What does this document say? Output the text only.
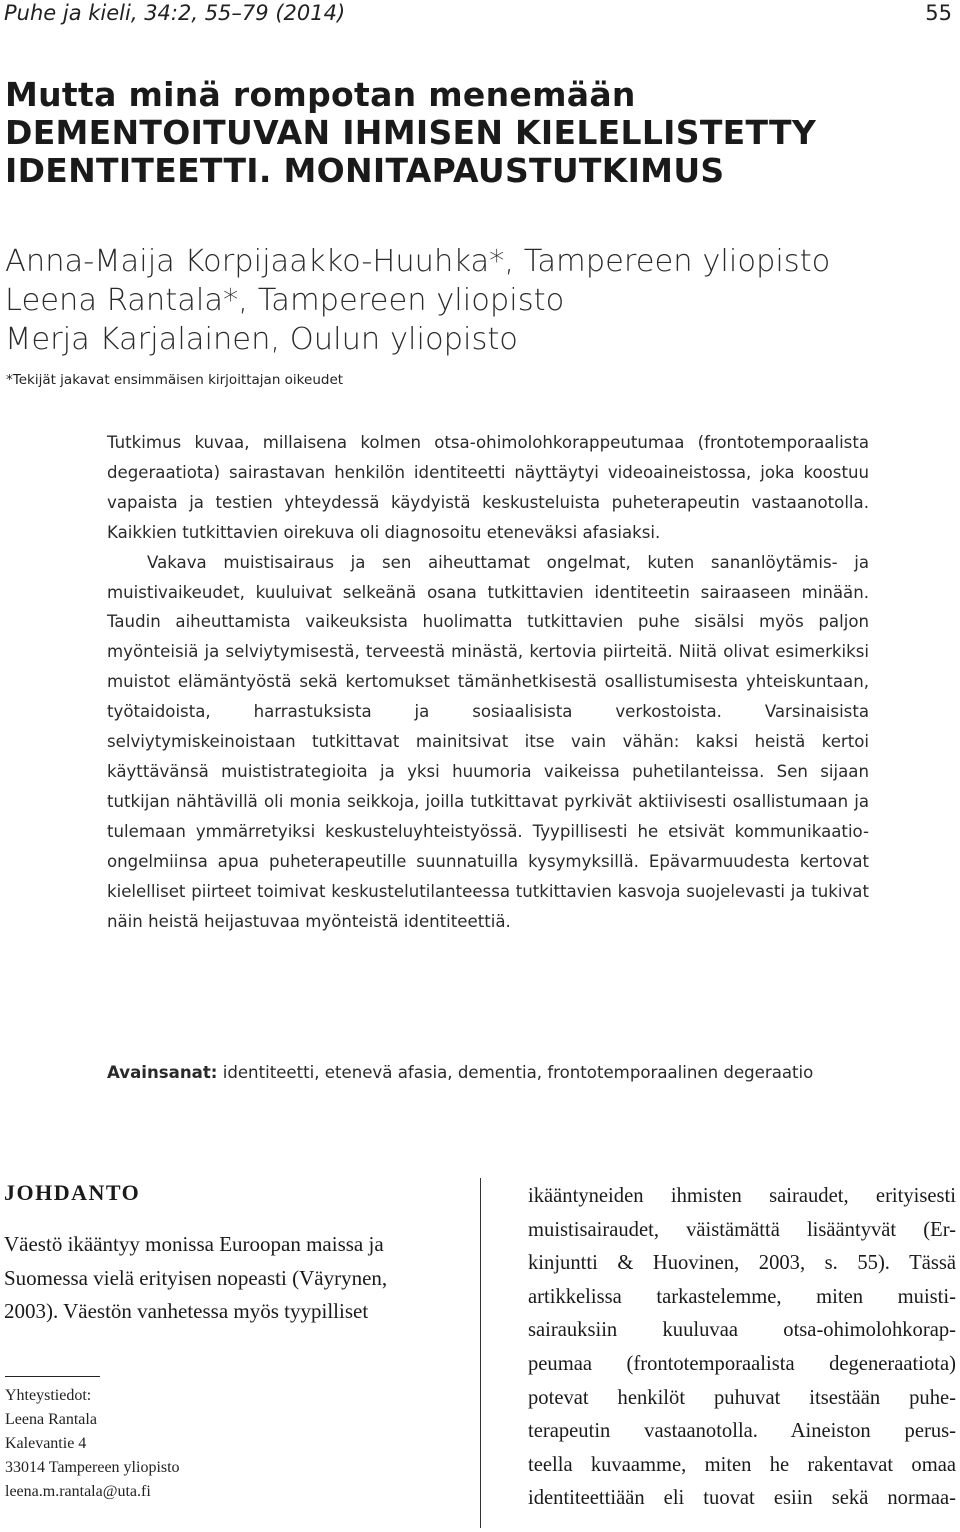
Puhe ja kieli, 34:2, 55–79 (2014)	55
Mutta minä rompotan menemään
DEMENTOITUVAN IHMISEN KIELELLISTETTY
IDENTITEETTI. MONITAPAUSTUTKIMUS
Anna-Maija Korpijaakko-Huuhka*, Tampereen yliopisto
Leena Rantala*, Tampereen yliopisto
Merja Karjalainen, Oulun yliopisto
*Tekijät jakavat ensimmäisen kirjoittajan oikeudet

Tutkimus kuvaa, millaisena kolmen otsa-ohimolohkorappeutumaa (frontotemporaalista degeraatiota) sairastavan henkilön identiteetti näyttäytyi videoaineistossa, joka koostuu vapaista ja testien yhteydessä käydyistä keskusteluista puheterapeutin vastaanotolla. Kaikkien tutkittavien oirekuva oli diagnosoitu eteneväksi afasiaksi.

Vakava muistisairaus ja sen aiheuttamat ongelmat, kuten sananlöytämis- ja muistivaikeudet, kuuluivat selkeänä osana tutkittavien identiteetin sairaaseen minään. Taudin aiheuttamista vaikeuksista huolimatta tutkittavien puhe sisälsi myös paljon myönteisiä ja selviytymisestä, terveestä minästä, kertovia piirteitä. Niitä olivat esimerkiksi muistot elämäntyöstä sekä kertomukset tämänhetkisestä osallistumisesta yhteiskuntaan, työtaidoista, harrastuksista ja sosiaalisista verkostoista. Varsinaisista selviytymiskeinoistaan tutkittavat mainitsivat itse vain vähän: kaksi heistä kertoi käyttävänsä muististrategioita ja yksi huumoria vaikeissa puhetilanteissa. Sen sijaan tutkijan nähtävillä oli monia seikkoja, joilla tutkittavat pyrkivät aktiivisesti osallistumaan ja tulemaan ymmärretyiksi keskusteluyhteistyössä. Tyypillisesti he etsivät kommunikaatio-ongelmiinsa apua puheterapeutille suunnatuilla kysymyksillä. Epävarmuudesta kertovat kielelliset piirteet toimivat keskustelutilanteessa tutkittavien kasvoja suojelevasti ja tukivat näin heistä heijastuvaa myönteistä identiteettiä.

Avainsanat: identiteetti, etenevä afasia, dementia, frontotemporaalinen degeraatio
JOHDANTO

Väestö ikääntyy monissa Euroopan maissa ja Suomessa vielä erityisen nopeasti (Väyrynen, 2003). Väestön vanhetessa myös tyypilliset

Yhteystiedot:
Leena Rantala
Kalevantie 4
33014 Tampereen yliopisto
leena.m.rantala@uta.fi
ikääntyneiden ihmisten sairaudet, erityisesti
muistisairaudet, väistämättä lisääntyvät (Er-
kinjuntti & Huovinen, 2003, s. 55). Tässä
artikkelissa tarkastelemme, miten muisti-
sairauksiin kuuluvaa otsa-ohimolohkorap-
peumaa (frontotemporaalista degeneraatiota)
potevat henkilöt puhuvat itsestään puhe-
terapeutin vastaanotolla. Aineiston perus-
teella kuvaamme, miten he rakentavat omaa
identiteettiään eli tuovat esiin sekä normaa-
